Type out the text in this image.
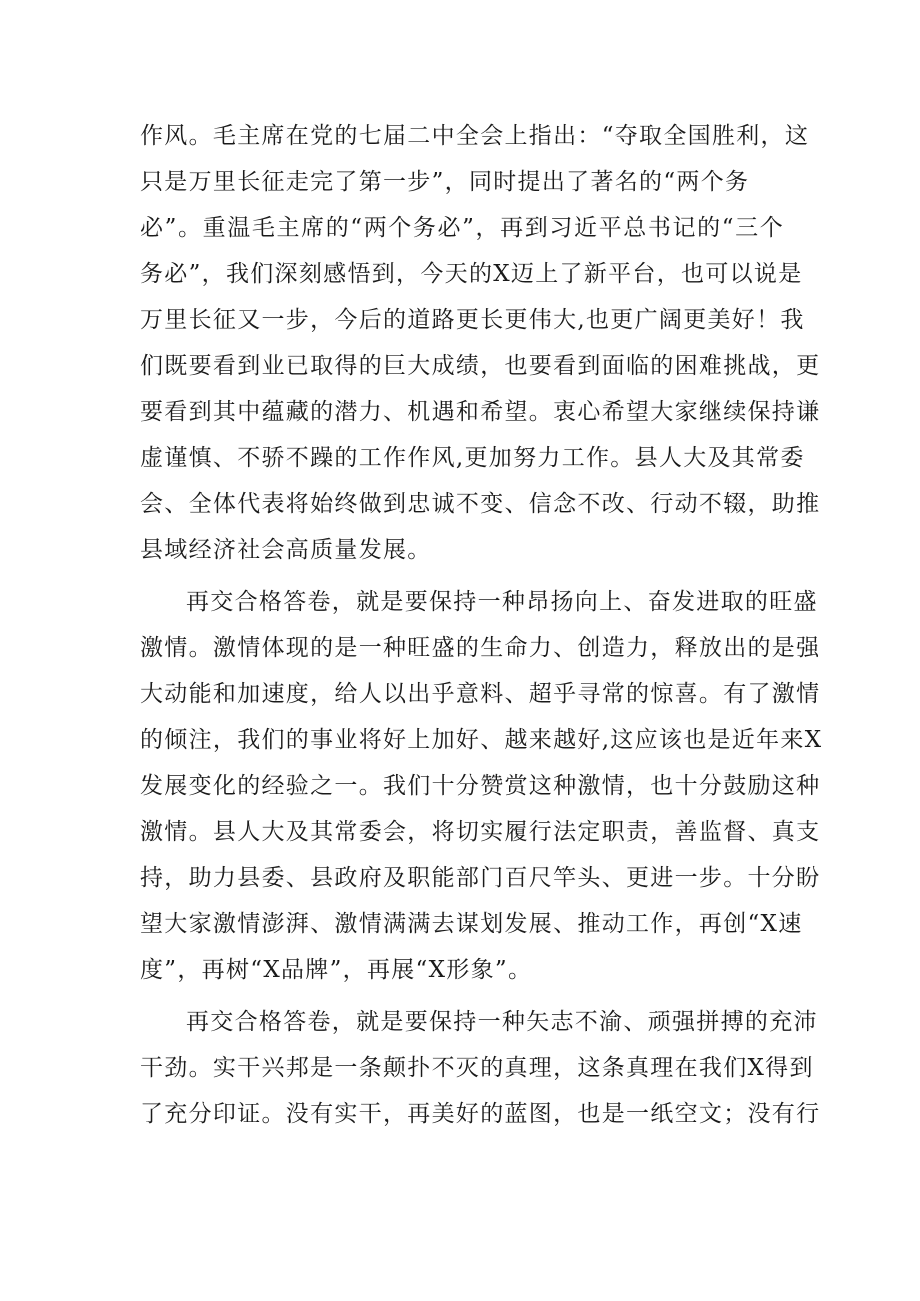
作风。毛主席在党的七届二中全会上指出：“夺取全国胜利，这
只是万里长征走完了第一步”，同时提出了著名的“两个务
必”。重温毛主席的“两个务必”，再到习近平总书记的“三个
务必”，我们深刻感悟到，今天的X迈上了新平台，也可以说是
万里长征又一步，今后的道路更长更伟大,也更广阔更美好！我
们既要看到业已取得的巨大成绩，也要看到面临的困难挑战，更
要看到其中蕴藏的潜力、机遇和希望。衷心希望大家继续保持谦
虚谨慎、不骄不躁的工作作风,更加努力工作。县人大及其常委
会、全体代表将始终做到忠诚不变、信念不改、行动不辍，助推
县域经济社会高质量发展。
再交合格答卷，就是要保持一种昂扬向上、奋发进取的旺盛
激情。激情体现的是一种旺盛的生命力、创造力，释放出的是强
大动能和加速度，给人以出乎意料、超乎寻常的惊喜。有了激情
的倾注，我们的事业将好上加好、越来越好,这应该也是近年来X
发展变化的经验之一。我们十分赞赏这种激情，也十分鼓励这种
激情。县人大及其常委会，将切实履行法定职责，善监督、真支
持，助力县委、县政府及职能部门百尺竿头、更进一步。十分盼
望大家激情澎湃、激情满满去谋划发展、推动工作，再创“X速
度”，再树“X品牌”，再展“X形象”。
再交合格答卷，就是要保持一种矢志不渝、顽强拼搏的充沛
干劲。实干兴邦是一条颠扑不灭的真理，这条真理在我们X得到
了充分印证。没有实干，再美好的蓝图，也是一纸空文；没有行
